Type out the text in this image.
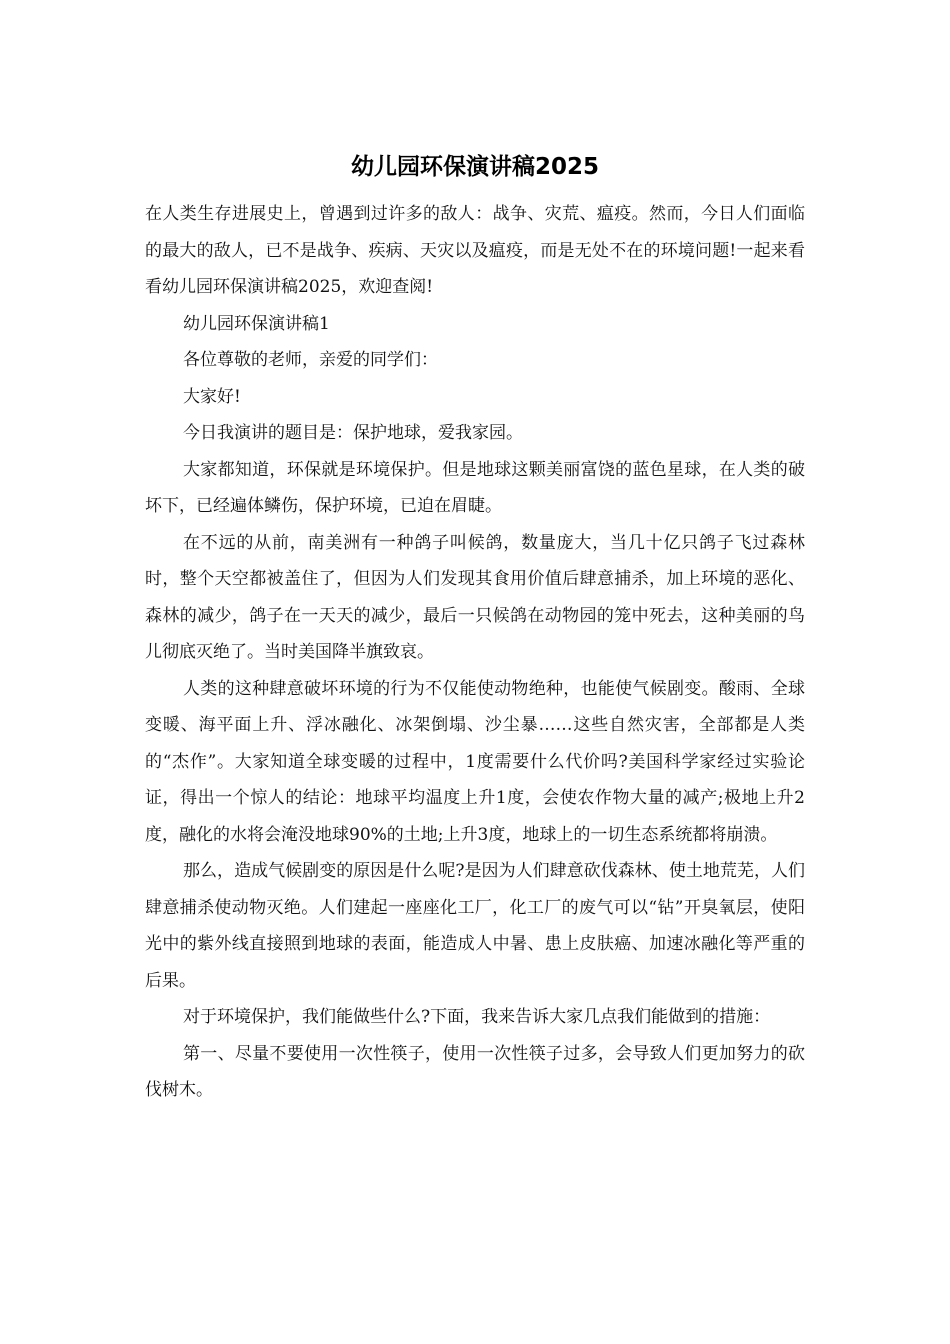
幼儿园环保演讲稿2025

在人类生存进展史上，曾遇到过许多的敌人：战争、灾荒、瘟疫。然而，今日人们面临的最大的敌人，已不是战争、疾病、天灾以及瘟疫，而是无处不在的环境问题!一起来看看幼儿园环保演讲稿2025，欢迎查阅!

幼儿园环保演讲稿1

各位尊敬的老师，亲爱的同学们：

大家好!

今日我演讲的题目是：保护地球，爱我家园。

大家都知道，环保就是环境保护。但是地球这颗美丽富饶的蓝色星球，在人类的破坏下，已经遍体鳞伤，保护环境，已迫在眉睫。

在不远的从前，南美洲有一种鸽子叫候鸽，数量庞大，当几十亿只鸽子飞过森林时，整个天空都被盖住了，但因为人们发现其食用价值后肆意捕杀，加上环境的恶化、森林的减少，鸽子在一天天的减少，最后一只候鸽在动物园的笼中死去，这种美丽的鸟儿彻底灭绝了。当时美国降半旗致哀。

人类的这种肆意破坏环境的行为不仅能使动物绝种，也能使气候剧变。酸雨、全球变暖、海平面上升、浮冰融化、冰架倒塌、沙尘暴……这些自然灾害，全部都是人类的“杰作”。大家知道全球变暖的过程中，1度需要什么代价吗?美国科学家经过实验论证，得出一个惊人的结论：地球平均温度上升1度，会使农作物大量的减产;极地上升2度，融化的水将会淹没地球90%的土地;上升3度，地球上的一切生态系统都将崩溃。

那么，造成气候剧变的原因是什么呢?是因为人们肆意砍伐森林、使土地荒芜，人们肆意捕杀使动物灭绝。人们建起一座座化工厂，化工厂的废气可以“钻”开臭氧层，使阳光中的紫外线直接照到地球的表面，能造成人中暑、患上皮肤癌、加速冰融化等严重的后果。

对于环境保护，我们能做些什么?下面，我来告诉大家几点我们能做到的措施：

第一、尽量不要使用一次性筷子，使用一次性筷子过多，会导致人们更加努力的砍伐树木。
